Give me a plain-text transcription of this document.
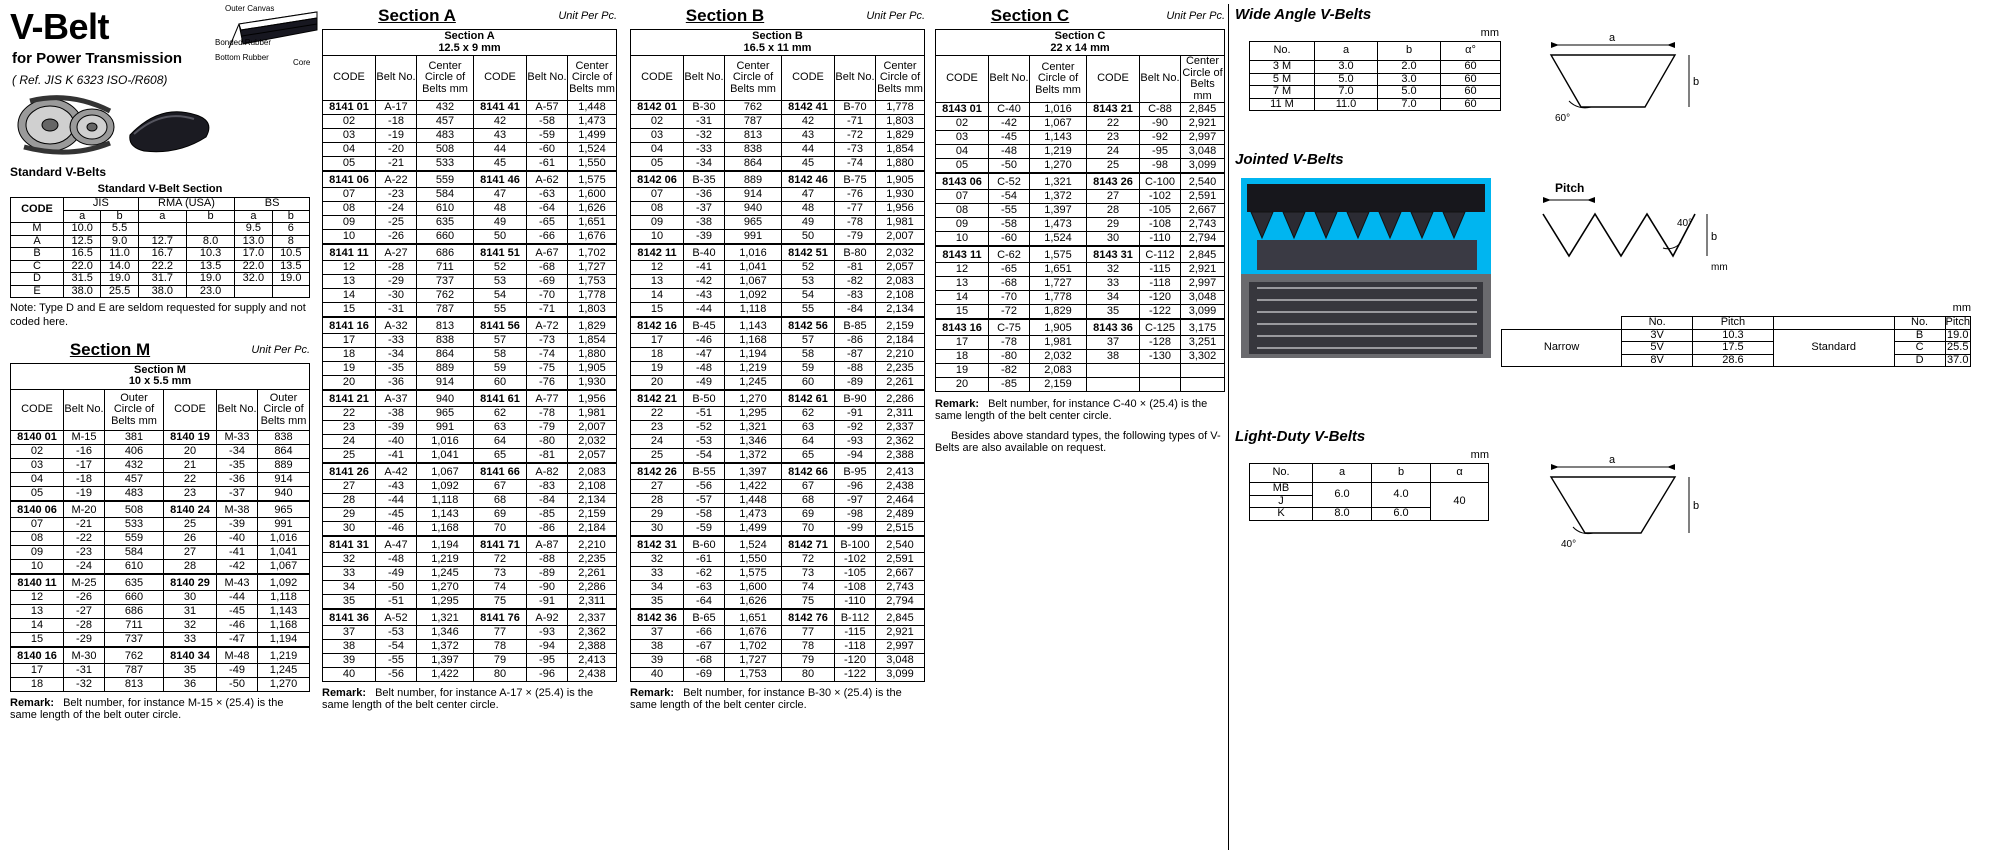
V-Belt
for Power Transmission
( Ref. JIS K 6323 ISO-/R608)
Outer Canvas
Bonded Rubber
Bottom Rubber
Core
Standard V-Belts
Standard V-Belt Section
CODE	JIS		RMA (USA)		BS	
	a	b	a	b	a	b
M	10.0	5.5			9.5	6
A	12.5	9.0	12.7	8.0	13.0	8
B	16.5	11.0	16.7	10.3	17.0	10.5
C	22.0	14.0	22.2	13.5	22.0	13.5
D	31.5	19.0	31.7	19.0	32.0	19.0
E	38.0	25.5	38.0	23.0		
Note: Type D and E are seldom requested for supply and not coded here.
Section M	Unit Per Pc.
Section M
10 x 5.5 mm					
CODE	Belt No.	Outer Circle of Belts mm	CODE	Belt No.	Outer Circle of Belts mm
8140 01	M-15	381	8140 19	M-33	838
02	-16	406	20	-34	864
03	-17	432	21	-35	889
04	-18	457	22	-36	914
05	-19	483	23	-37	940
8140 06	M-20	508	8140 24	M-38	965
07	-21	533	25	-39	991
08	-22	559	26	-40	1,016
09	-23	584	27	-41	1,041
10	-24	610	28	-42	1,067
8140 11	M-25	635	8140 29	M-43	1,092
12	-26	660	30	-44	1,118
13	-27	686	31	-45	1,143
14	-28	711	32	-46	1,168
15	-29	737	33	-47	1,194
8140 16	M-30	762	8140 34	M-48	1,219
17	-31	787	35	-49	1,245
18	-32	813	36	-50	1,270
Remark: Belt number, for instance M-15 × (25.4) is the same length of the belt outer circle.
Section A	Unit Per Pc.
Section A
12.5 x 9 mm					
CODE	Belt No.	Center Circle of Belts mm	CODE	Belt No.	Center Circle of Belts mm
8141 01	A-17	432	8141 41	A-57	1,448
02	-18	457	42	-58	1,473
03	-19	483	43	-59	1,499
04	-20	508	44	-60	1,524
05	-21	533	45	-61	1,550
8141 06	A-22	559	8141 46	A-62	1,575
07	-23	584	47	-63	1,600
08	-24	610	48	-64	1,626
09	-25	635	49	-65	1,651
10	-26	660	50	-66	1,676
8141 11	A-27	686	8141 51	A-67	1,702
12	-28	711	52	-68	1,727
13	-29	737	53	-69	1,753
14	-30	762	54	-70	1,778
15	-31	787	55	-71	1,803
8141 16	A-32	813	8141 56	A-72	1,829
17	-33	838	57	-73	1,854
18	-34	864	58	-74	1,880
19	-35	889	59	-75	1,905
20	-36	914	60	-76	1,930
8141 21	A-37	940	8141 61	A-77	1,956
22	-38	965	62	-78	1,981
23	-39	991	63	-79	2,007
24	-40	1,016	64	-80	2,032
25	-41	1,041	65	-81	2,057
8141 26	A-42	1,067	8141 66	A-82	2,083
27	-43	1,092	67	-83	2,108
28	-44	1,118	68	-84	2,134
29	-45	1,143	69	-85	2,159
30	-46	1,168	70	-86	2,184
8141 31	A-47	1,194	8141 71	A-87	2,210
32	-48	1,219	72	-88	2,235
33	-49	1,245	73	-89	2,261
34	-50	1,270	74	-90	2,286
35	-51	1,295	75	-91	2,311
8141 36	A-52	1,321	8141 76	A-92	2,337
37	-53	1,346	77	-93	2,362
38	-54	1,372	78	-94	2,388
39	-55	1,397	79	-95	2,413
40	-56	1,422	80	-96	2,438
Remark: Belt number, for instance A-17 × (25.4) is the same length of the belt center circle.
Section B	Unit Per Pc.
Section B
16.5 x 11 mm					
CODE	Belt No.	Center Circle of Belts mm	CODE	Belt No.	Center Circle of Belts mm
8142 01	B-30	762	8142 41	B-70	1,778
02	-31	787	42	-71	1,803
03	-32	813	43	-72	1,829
04	-33	838	44	-73	1,854
05	-34	864	45	-74	1,880
8142 06	B-35	889	8142 46	B-75	1,905
07	-36	914	47	-76	1,930
08	-37	940	48	-77	1,956
09	-38	965	49	-78	1,981
10	-39	991	50	-79	2,007
8142 11	B-40	1,016	8142 51	B-80	2,032
12	-41	1,041	52	-81	2,057
13	-42	1,067	53	-82	2,083
14	-43	1,092	54	-83	2,108
15	-44	1,118	55	-84	2,134
8142 16	B-45	1,143	8142 56	B-85	2,159
17	-46	1,168	57	-86	2,184
18	-47	1,194	58	-87	2,210
19	-48	1,219	59	-88	2,235
20	-49	1,245	60	-89	2,261
8142 21	B-50	1,270	8142 61	B-90	2,286
22	-51	1,295	62	-91	2,311
23	-52	1,321	63	-92	2,337
24	-53	1,346	64	-93	2,362
25	-54	1,372	65	-94	2,388
8142 26	B-55	1,397	8142 66	B-95	2,413
27	-56	1,422	67	-96	2,438
28	-57	1,448	68	-97	2,464
29	-58	1,473	69	-98	2,489
30	-59	1,499	70	-99	2,515
8142 31	B-60	1,524	8142 71	B-100	2,540
32	-61	1,550	72	-102	2,591
33	-62	1,575	73	-105	2,667
34	-63	1,600	74	-108	2,743
35	-64	1,626	75	-110	2,794
8142 36	B-65	1,651	8142 76	B-112	2,845
37	-66	1,676	77	-115	2,921
38	-67	1,702	78	-118	2,997
39	-68	1,727	79	-120	3,048
40	-69	1,753	80	-122	3,099
Remark: Belt number, for instance B-30 × (25.4) is the same length of the belt center circle.
Section C	Unit Per Pc.
Section C
22 x 14 mm					
CODE	Belt No.	Center Circle of Belts mm	CODE	Belt No.	Center Circle of Belts mm
8143 01	C-40	1,016	8143 21	C-88	2,845
02	-42	1,067	22	-90	2,921
03	-45	1,143	23	-92	2,997
04	-48	1,219	24	-95	3,048
05	-50	1,270	25	-98	3,099
8143 06	C-52	1,321	8143 26	C-100	2,540
07	-54	1,372	27	-102	2,591
08	-55	1,397	28	-105	2,667
09	-58	1,473	29	-108	2,743
10	-60	1,524	30	-110	2,794
8143 11	C-62	1,575	8143 31	C-112	2,845
12	-65	1,651	32	-115	2,921
13	-68	1,727	33	-118	2,997
14	-70	1,778	34	-120	3,048
15	-72	1,829	35	-122	3,099
8143 16	C-75	1,905	8143 36	C-125	3,175
17	-78	1,981	37	-128	3,251
18	-80	2,032	38	-130	3,302
19	-82	2,083			
20	-85	2,159			
Remark: Belt number, for instance C-40 × (25.4) is the same length of the belt center circle.
Besides above standard types, the following types of V-Belts are also available on request.
Wide Angle V-Belts
mm
No.	a	b	α°
3 M	3.0	2.0	60
5 M	5.0	3.0	60
7 M	7.0	5.0	60
11 M	11.0	7.0	60
a
b
60°
Jointed V-Belts
Pitch
b
40°
mm
mm
	No.	Pitch		No.	Pitch
Narrow	3V	10.3	Standard	B	19.0
	5V	17.5		C	25.5
	8V	28.6		D	37.0
Light-Duty V-Belts
mm
No.	a	b	α
MB	6.0	4.0	40
J			
K	8.0	6.0	
a
b
40°
